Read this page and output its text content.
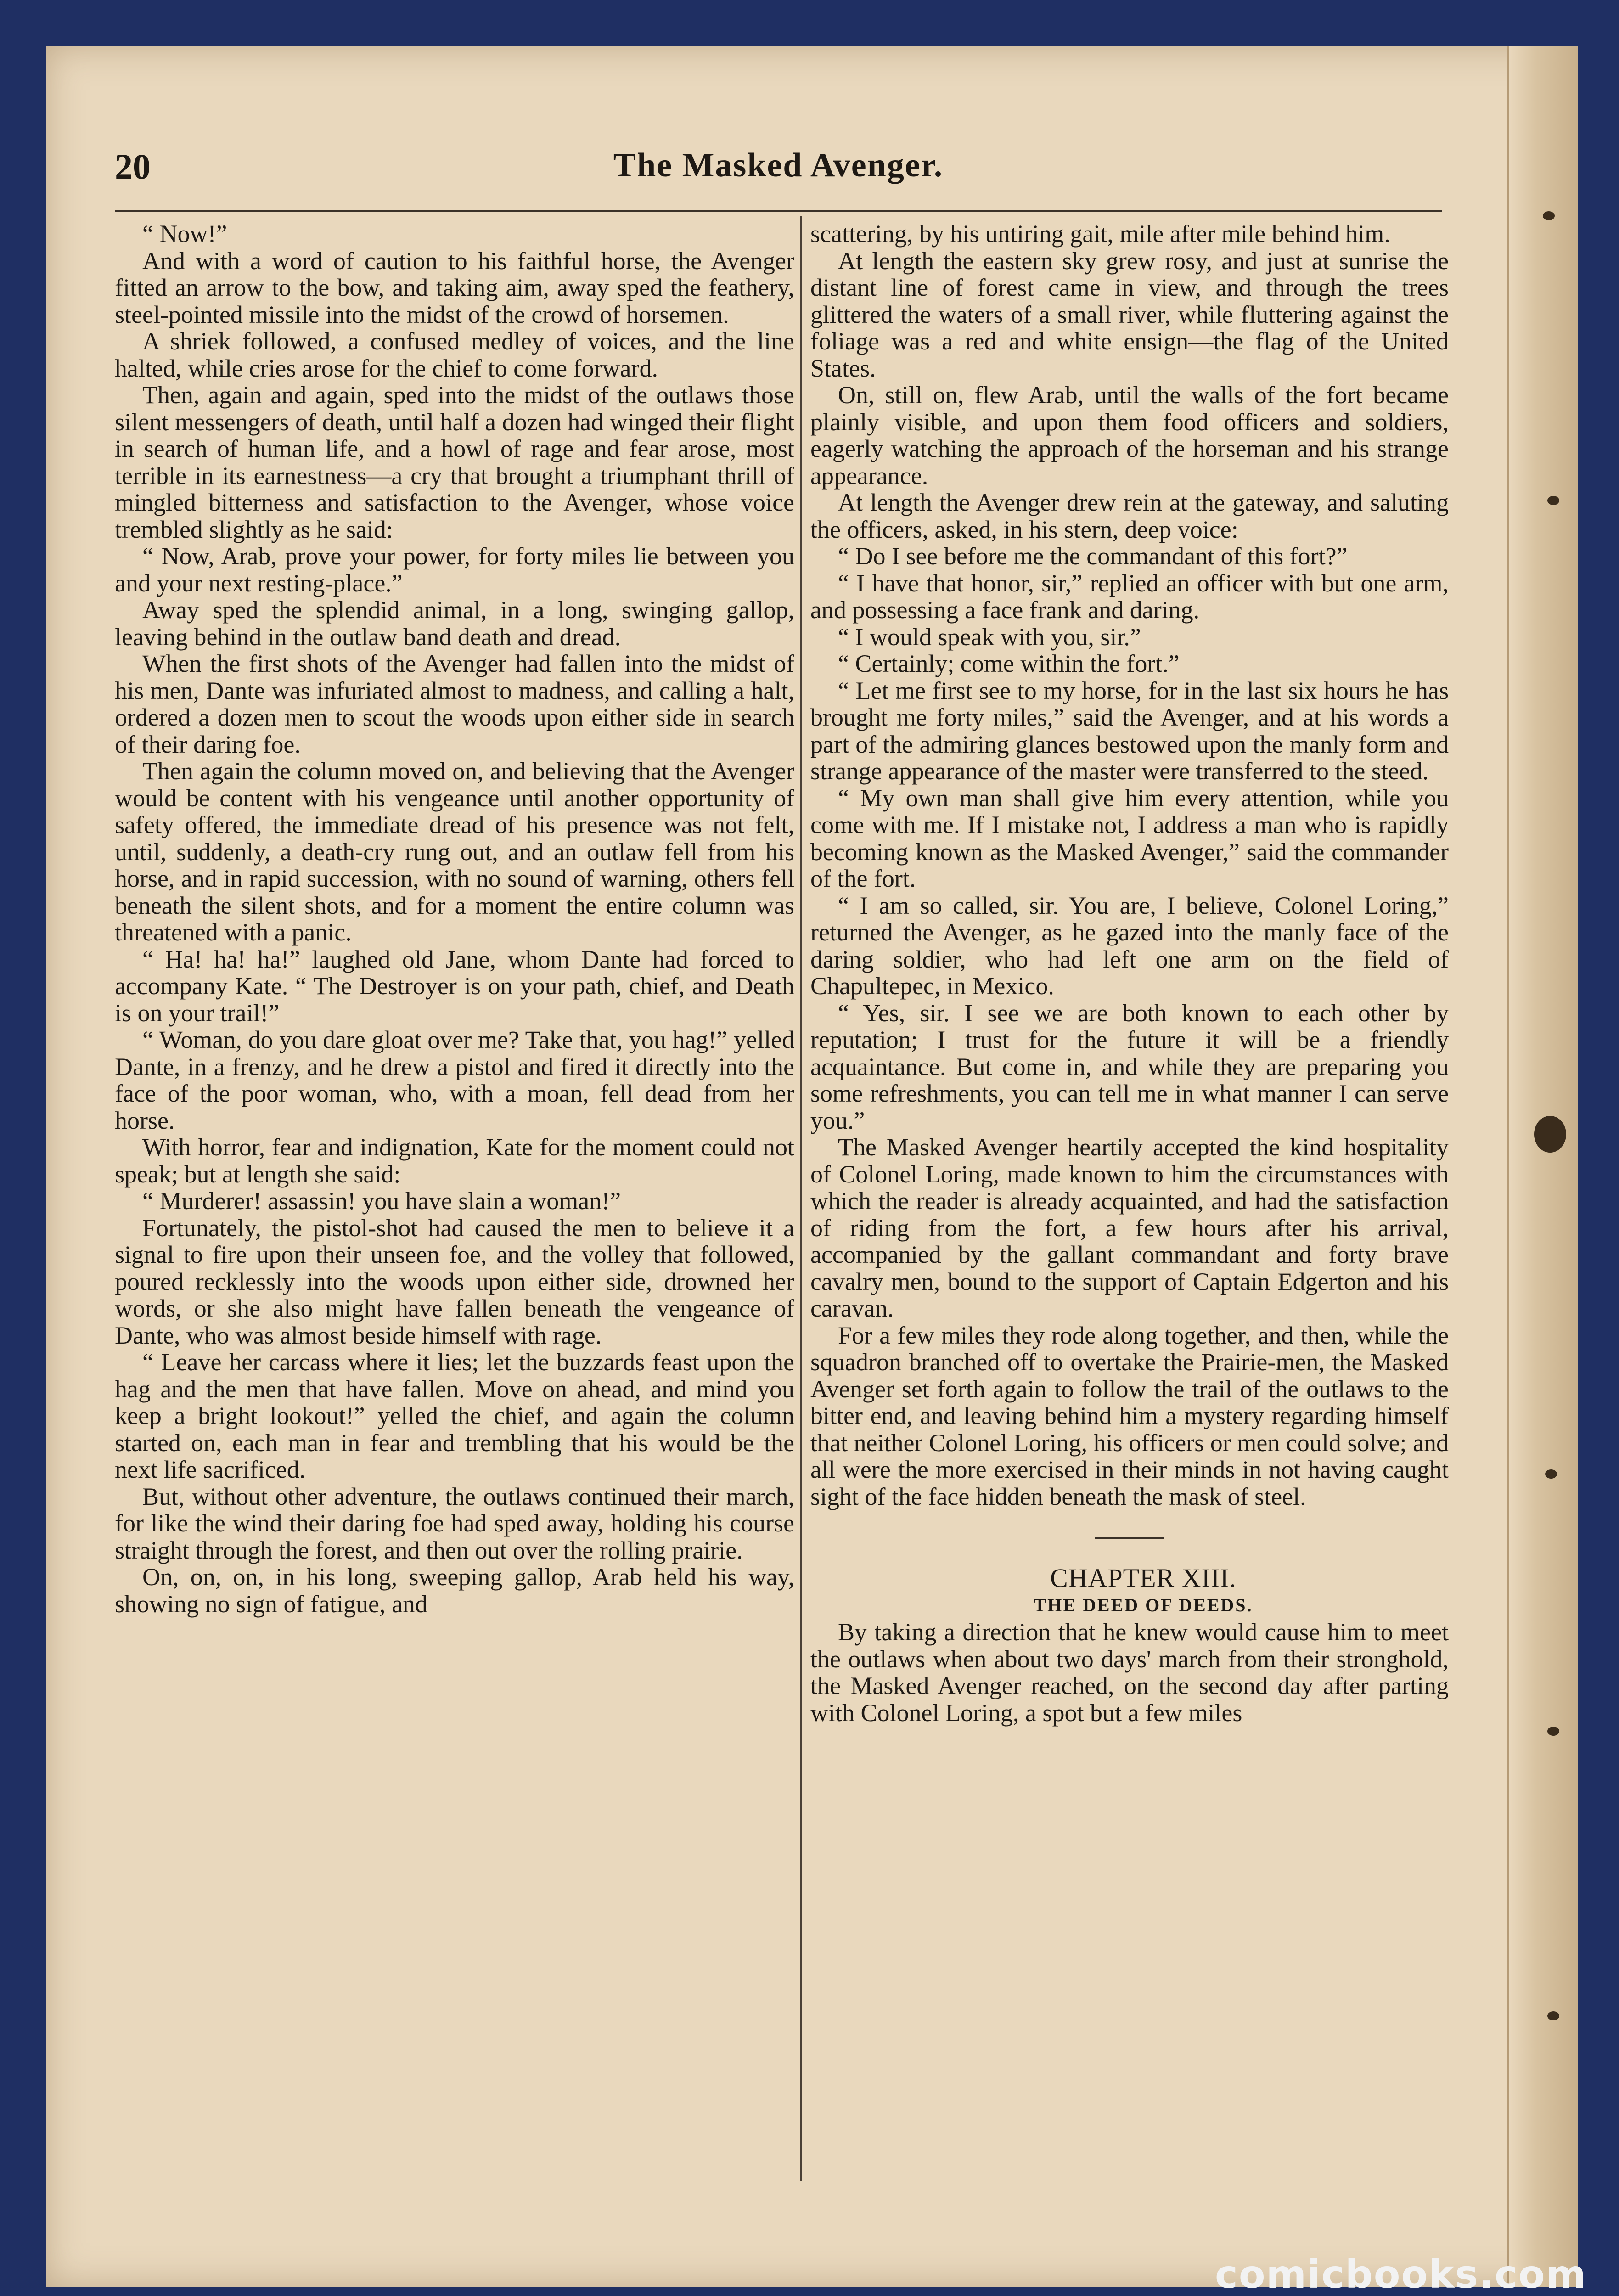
20	The Masked Avenger.

“ Now!”

And with a word of caution to his faithful horse, the Avenger fitted an arrow to the bow, and taking aim, away sped the feathery, steel-pointed missile into the midst of the crowd of horsemen.

A shriek followed, a confused medley of voices, and the line halted, while cries arose for the chief to come forward.

Then, again and again, sped into the midst of the outlaws those silent messengers of death, until half a dozen had winged their flight in search of human life, and a howl of rage and fear arose, most terrible in its earnestness—a cry that brought a triumphant thrill of mingled bitterness and satisfaction to the Avenger, whose voice trembled slightly as he said:

“ Now, Arab, prove your power, for forty miles lie between you and your next resting-place.”

Away sped the splendid animal, in a long, swinging gallop, leaving behind in the outlaw band death and dread.

When the first shots of the Avenger had fallen into the midst of his men, Dante was infuriated almost to madness, and calling a halt, ordered a dozen men to scout the woods upon either side in search of their daring foe.

Then again the column moved on, and believing that the Avenger would be content with his vengeance until another opportunity of safety offered, the immediate dread of his presence was not felt, until, suddenly, a death-cry rung out, and an outlaw fell from his horse, and in rapid succession, with no sound of warning, others fell beneath the silent shots, and for a moment the entire column was threatened with a panic.

“ Ha! ha! ha!” laughed old Jane, whom Dante had forced to accompany Kate. “ The Destroyer is on your path, chief, and Death is on your trail!”

“ Woman, do you dare gloat over me? Take that, you hag!” yelled Dante, in a frenzy, and he drew a pistol and fired it directly into the face of the poor woman, who, with a moan, fell dead from her horse.

With horror, fear and indignation, Kate for the moment could not speak; but at length she said:

“ Murderer! assassin! you have slain a woman!”

Fortunately, the pistol-shot had caused the men to believe it a signal to fire upon their unseen foe, and the volley that followed, poured recklessly into the woods upon either side, drowned her words, or she also might have fallen beneath the vengeance of Dante, who was almost beside himself with rage.

“ Leave her carcass where it lies; let the buzzards feast upon the hag and the men that have fallen. Move on ahead, and mind you keep a bright lookout!” yelled the chief, and again the column started on, each man in fear and trembling that his would be the next life sacrificed.

But, without other adventure, the outlaws continued their march, for like the wind their daring foe had sped away, holding his course straight through the forest, and then out over the rolling prairie.

On, on, on, in his long, sweeping gallop, Arab held his way, showing no sign of fatigue, and

scattering, by his untiring gait, mile after mile behind him.

At length the eastern sky grew rosy, and just at sunrise the distant line of forest came in view, and through the trees glittered the waters of a small river, while fluttering against the foliage was a red and white ensign—the flag of the United States.

On, still on, flew Arab, until the walls of the fort became plainly visible, and upon them food officers and soldiers, eagerly watching the approach of the horseman and his strange appearance.

At length the Avenger drew rein at the gateway, and saluting the officers, asked, in his stern, deep voice:

“ Do I see before me the commandant of this fort?”

“ I have that honor, sir,” replied an officer with but one arm, and possessing a face frank and daring.

“ I would speak with you, sir.”

“ Certainly; come within the fort.”

“ Let me first see to my horse, for in the last six hours he has brought me forty miles,” said the Avenger, and at his words a part of the admiring glances bestowed upon the manly form and strange appearance of the master were transferred to the steed.

“ My own man shall give him every attention, while you come with me. If I mistake not, I address a man who is rapidly becoming known as the Masked Avenger,” said the commander of the fort.

“ I am so called, sir. You are, I believe, Colonel Loring,” returned the Avenger, as he gazed into the manly face of the daring soldier, who had left one arm on the field of Chapultepec, in Mexico.

“ Yes, sir. I see we are both known to each other by reputation; I trust for the future it will be a friendly acquaintance. But come in, and while they are preparing you some refreshments, you can tell me in what manner I can serve you.”

The Masked Avenger heartily accepted the kind hospitality of Colonel Loring, made known to him the circumstances with which the reader is already acquainted, and had the satisfaction of riding from the fort, a few hours after his arrival, accompanied by the gallant commandant and forty brave cavalry men, bound to the support of Captain Edgerton and his caravan.

For a few miles they rode along together, and then, while the squadron branched off to overtake the Prairie-men, the Masked Avenger set forth again to follow the trail of the outlaws to the bitter end, and leaving behind him a mystery regarding himself that neither Colonel Loring, his officers or men could solve; and all were the more exercised in their minds in not having caught sight of the face hidden beneath the mask of steel.

CHAPTER XIII.

THE DEED OF DEEDS.

By taking a direction that he knew would cause him to meet the outlaws when about two days' march from their stronghold, the Masked Avenger reached, on the second day after parting with Colonel Loring, a spot but a few miles

comicbooks.com
